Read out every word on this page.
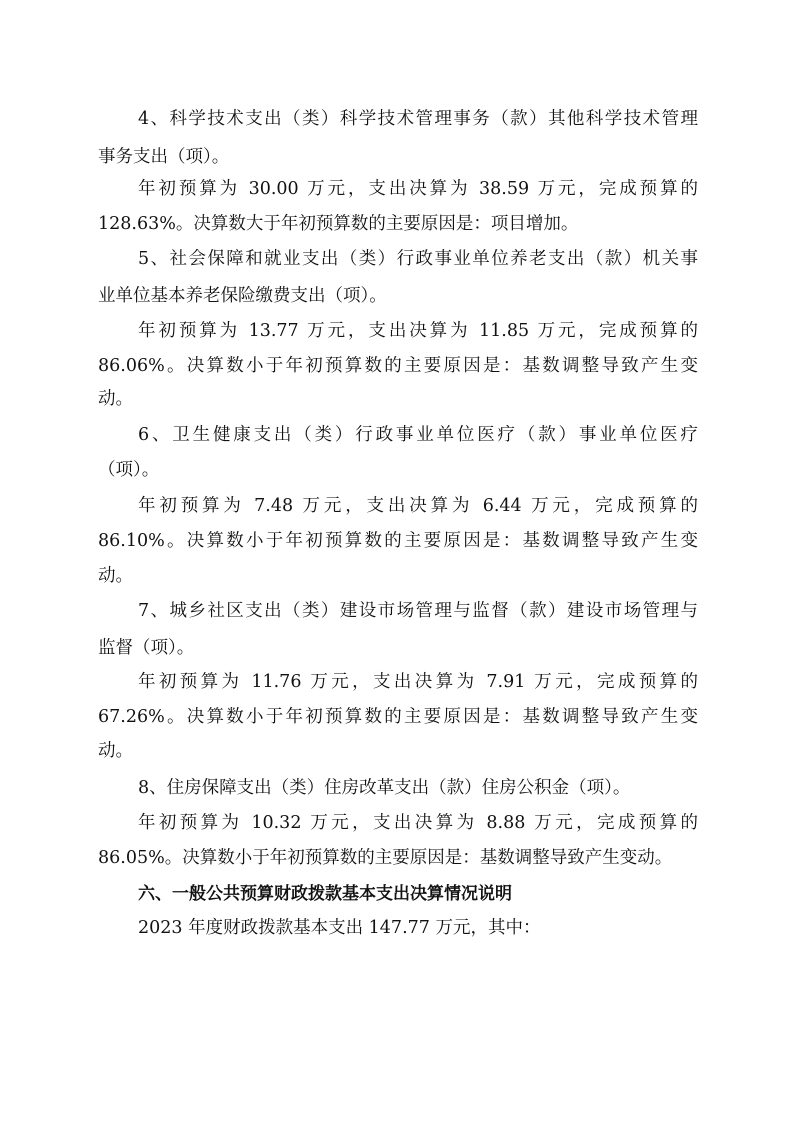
4、科学技术支出（类）科学技术管理事务（款）其他科学技术管理
事务支出（项）。
年初预算为 30.00 万元，支出决算为 38.59 万元，完成预算的
128.63%。决算数大于年初预算数的主要原因是：项目增加。
5、社会保障和就业支出（类）行政事业单位养老支出（款）机关事
业单位基本养老保险缴费支出（项）。
年初预算为 13.77 万元，支出决算为 11.85 万元，完成预算的
86.06%。决算数小于年初预算数的主要原因是：基数调整导致产生变
动。
6、卫生健康支出（类）行政事业单位医疗（款）事业单位医疗
（项）。
年初预算为 7.48 万元，支出决算为 6.44 万元，完成预算的
86.10%。决算数小于年初预算数的主要原因是：基数调整导致产生变
动。
7、城乡社区支出（类）建设市场管理与监督（款）建设市场管理与
监督（项）。
年初预算为 11.76 万元，支出决算为 7.91 万元，完成预算的
67.26%。决算数小于年初预算数的主要原因是：基数调整导致产生变
动。
8、住房保障支出（类）住房改革支出（款）住房公积金（项）。
年初预算为 10.32 万元，支出决算为 8.88 万元，完成预算的
86.05%。决算数小于年初预算数的主要原因是：基数调整导致产生变动。
六、一般公共预算财政拨款基本支出决算情况说明
2023 年度财政拨款基本支出 147.77 万元，其中：
